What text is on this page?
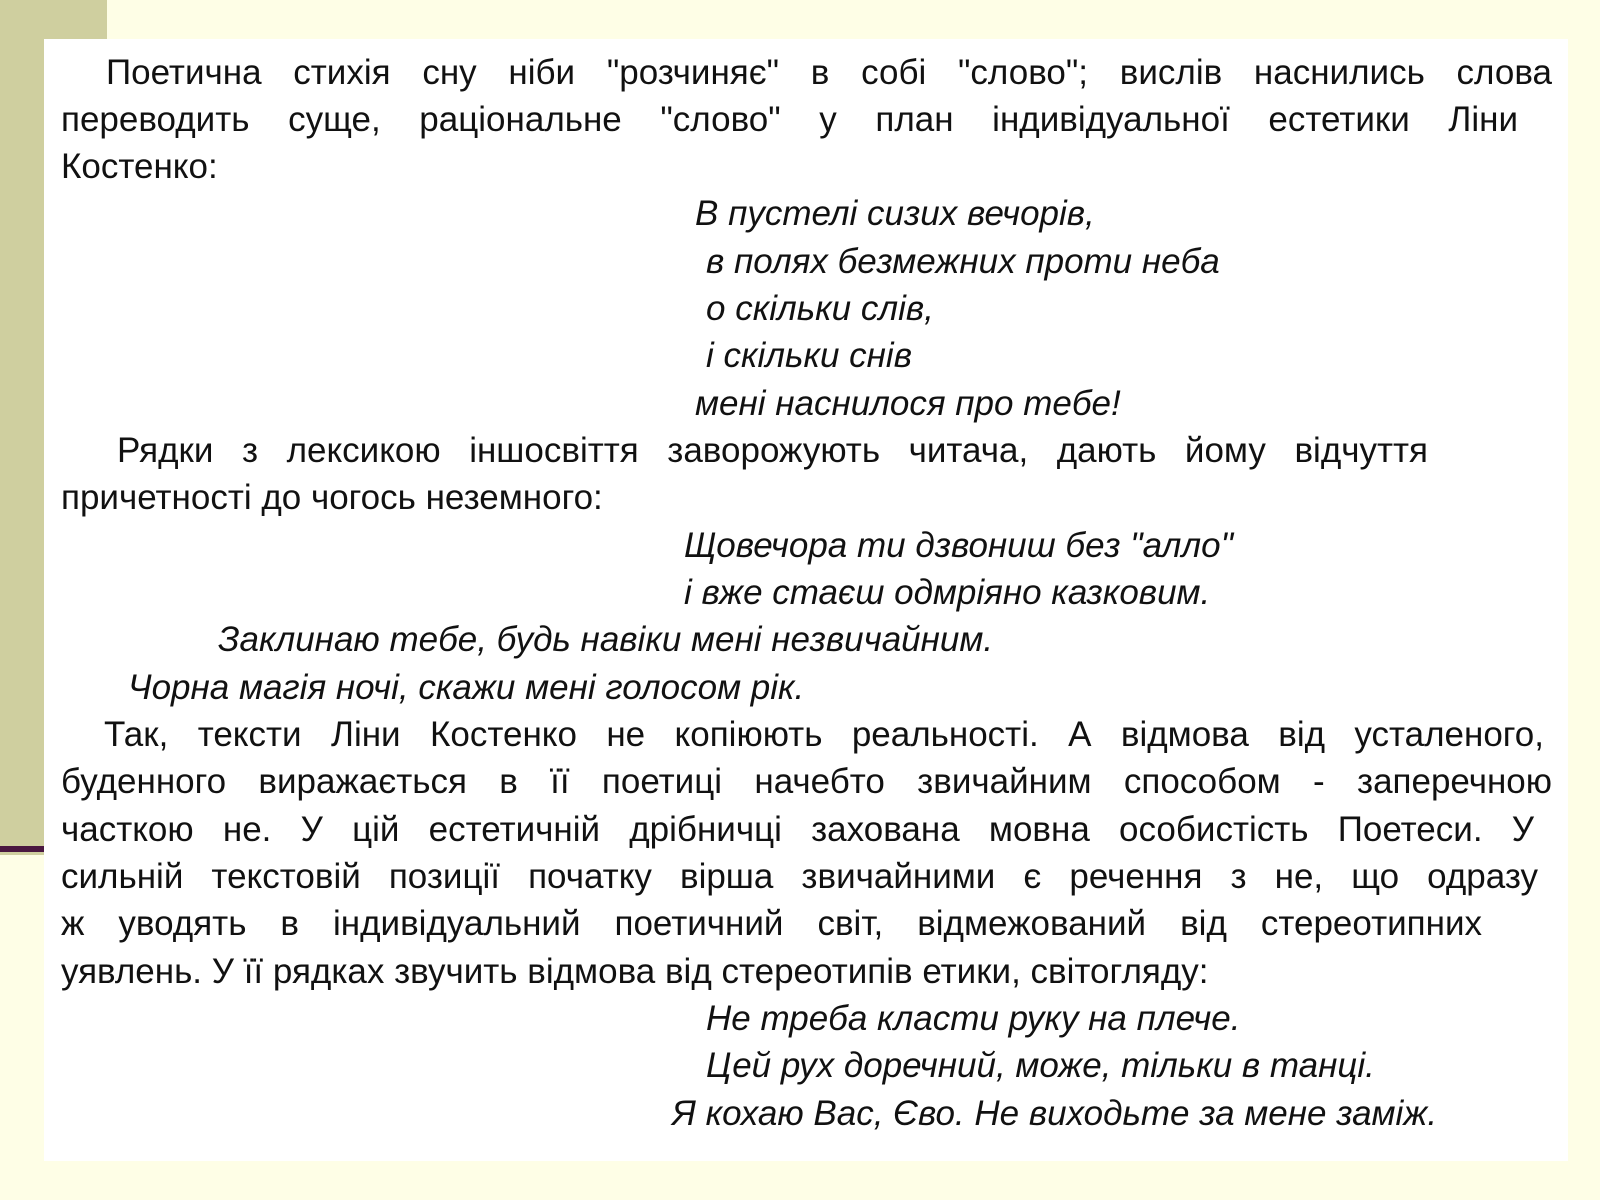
Поетична стихія сну ніби "розчиняє" в собі "слово"; вислів наснились слова
переводить суще, раціональне "слово" у план індивідуальної естетики Ліни
Костенко:
В пустелі сизих вечорів,
в полях безмежних проти неба
о скільки слів,
і скільки снів
мені наснилося про тебе!
Рядки з лексикою іншосвіття заворожують читача, дають йому відчуття
причетності до чогось неземного:
Щовечора ти дзвониш без "алло"
і вже стаєш одмріяно казковим.
Заклинаю тебе, будь навіки мені незвичайним.
Чорна магія ночі, скажи мені голосом рік.
Так, тексти Ліни Костенко не копіюють реальності. А відмова від усталеного,
буденного виражається в її поетиці начебто звичайним способом - заперечною
часткою не. У цій естетичній дрібничці захована мовна особистість Поетеси. У
сильній текстовій позиції початку вірша звичайними є речення з не, що одразу
ж уводять в індивідуальний поетичний світ, відмежований від стереотипних
уявлень. У її рядках звучить відмова від стереотипів етики, світогляду:
Не треба класти руку на плече.
Цей рух доречний, може, тільки в танці.
Я кохаю Вас, Єво. Не виходьте за мене заміж.
